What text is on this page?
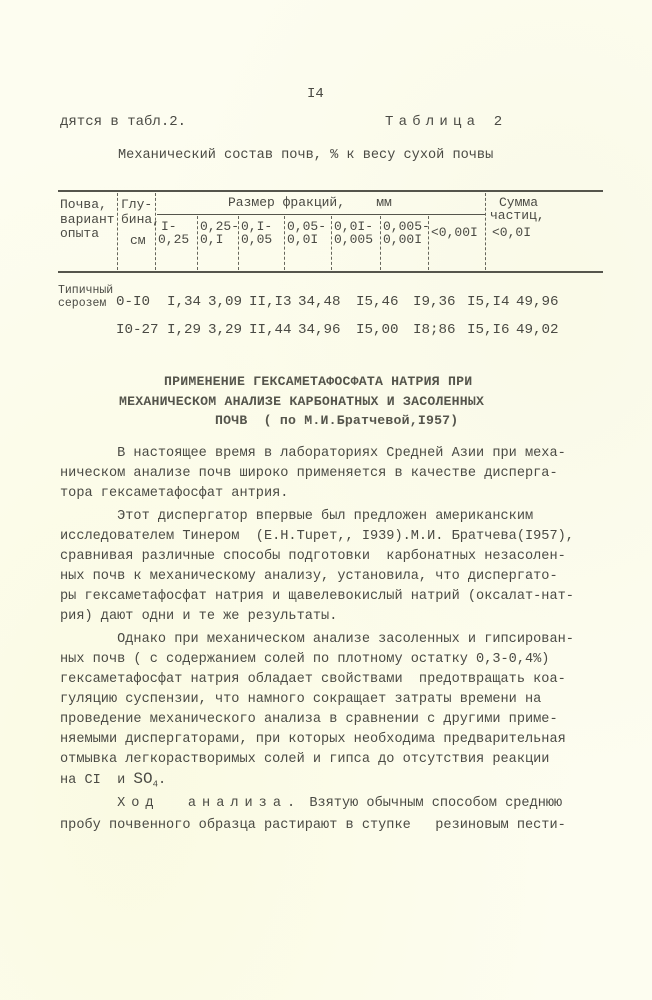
I4
дятся в табл.2.	Таблица 2
Механический состав почв, % к весу сухой почвы
Почва,
вариант
опыта
Глу-
бина,
см
Размер фракций,    мм
I-
0,25
0,25-
0,I
0,I-
0,05
0,05-
0,0I
0,0I-
0,005
0,005-
0,00I <0,00I
Сумма
частиц,
<0,0I
Типичный
серозем 0-I0 I,34 3,09 II,I3 34,48 I5,46 I9,36 I5,I4 49,96
I0-27 I,29 3,29 II,44 34,96 I5,00 I8;86 I5,I6 49,02
ПРИМЕНЕНИЕ ГЕКСАМЕТАФОСФАТА НАТРИЯ ПРИ
МЕХАНИЧЕСКОМ АНАЛИЗЕ КАРБОНАТНЫХ И ЗАСОЛЕННЫХ
ПОЧВ  ( по М.И.Братчевой,I957)
В настоящее время в лабораториях Средней Азии при меха-
ническом анализе почв широко применяется в качестве дисперга-
тора гексаметафосфат антрия.
Этот диспергатор впервые был предложен американским
исследователем Тинером  (E.H.Tupeт,, I939).М.И. Братчева(I957),
сравнивая различные способы подготовки  карбонатных незасолен-
ных почв к механическому анализу, установила, что диспергато-
ры гексаметафосфат натрия и щавелевокислый натрий (оксалат-нат-
рия) дают одни и те же результаты.
Однако при механическом анализе засоленных и гипсирован-
ных почв ( с содержанием солей по плотному остатку 0,3-0,4%)
гексаметафосфат натрия обладает свойствами  предотвращать коа-
гуляцию суспензии, что намного сокращает затраты времени на
проведение механического анализа в сравнении с другими приме-
няемыми диспергаторами, при которых необходима предварительная
отмывка легкорастворимых солей и гипса до отсутствия реакции
на CI  и $SO_4$.
Ход  анализа. Взятую обычным способом среднюю
пробу почвенного образца растирают в ступке   резиновым пести-
